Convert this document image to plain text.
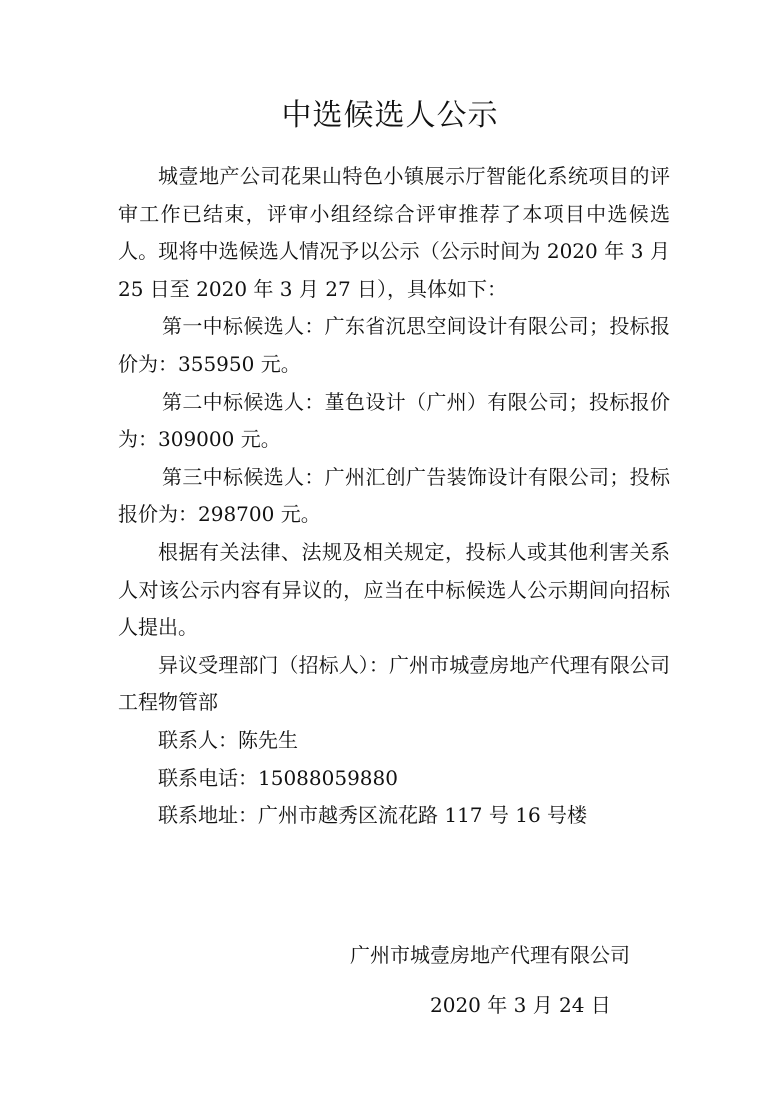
中选候选人公示

城壹地产公司花果山特色小镇展示厅智能化系统项目的评审工作已结束，评审小组经综合评审推荐了本项目中选候选人。现将中选候选人情况予以公示（公示时间为 2020 年 3 月 25 日至 2020 年 3 月 27 日），具体如下：

第一中标候选人：广东省沉思空间设计有限公司；投标报价为：355950 元。

第二中标候选人：堇色设计（广州）有限公司；投标报价为：309000 元。

第三中标候选人：广州汇创广告装饰设计有限公司；投标报价为：298700 元。

根据有关法律、法规及相关规定，投标人或其他利害关系人对该公示内容有异议的，应当在中标候选人公示期间向招标人提出。

异议受理部门（招标人）：广州市城壹房地产代理有限公司工程物管部

联系人：陈先生

联系电话：15088059880

联系地址：广州市越秀区流花路 117 号 16 号楼

广州市城壹房地产代理有限公司
2020 年 3 月 24 日
